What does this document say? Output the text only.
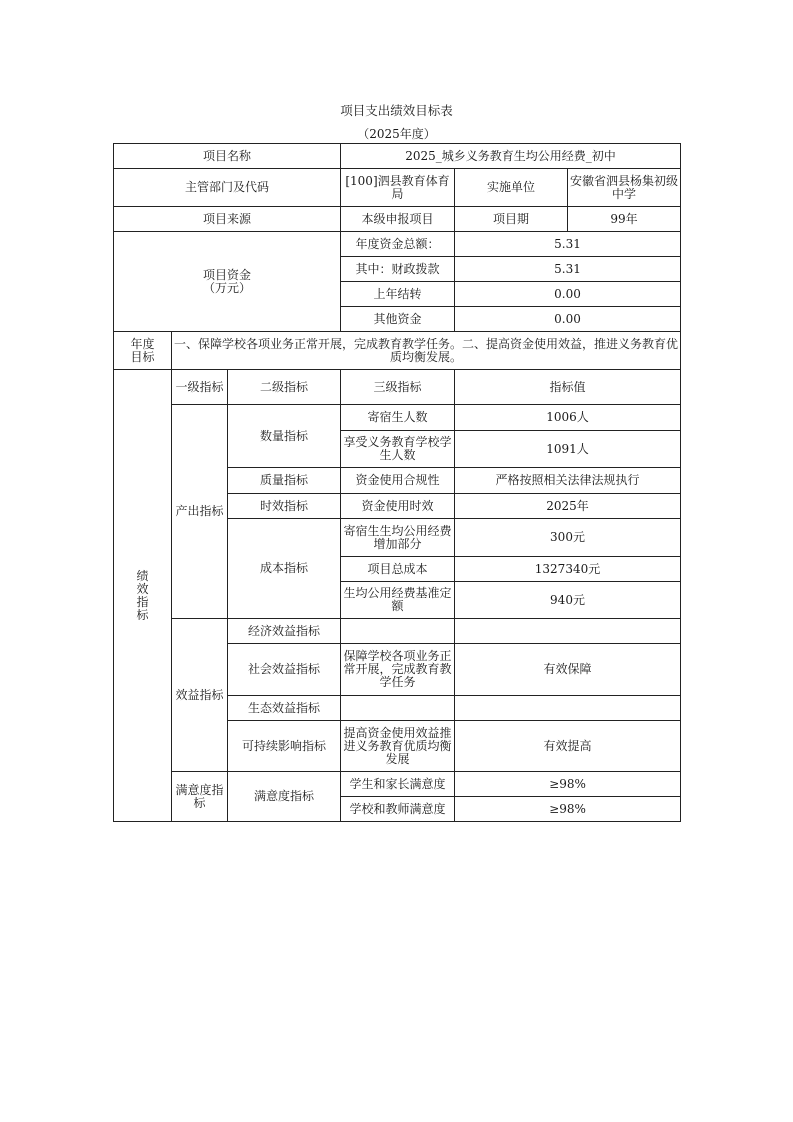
项目支出绩效目标表
（2025年度）
项目名称			2025_城乡义务教育生均公用经费_初中		
主管部门及代码			[100]泗县教育体育局	实施单位	安徽省泗县杨集初级中学
项目来源			本级申报项目	项目期	99年

项目资金
（万元）			年度资金总额：	5.31	
			其中：财政拨款	5.31	
			上年结转	0.00	
			其他资金	0.00	

年度
目标	一、保障学校各项业务正常开展，完成教育教学任务。二、提高资金使用效益，推进义务教育优质均衡发展。				

绩
效
指
标	一级指标	二级指标	三级指标	指标值	
	产出指标	数量指标	寄宿生人数	1006人	
			享受义务教育学校学生人数	1091人	
		质量指标	资金使用合规性	严格按照相关法律法规执行	
		时效指标	资金使用时效	2025年	
		成本指标	寄宿生生均公用经费增加部分	300元	
			项目总成本	1327340元	
			生均公用经费基准定额	940元	
	效益指标	经济效益指标			
		社会效益指标	保障学校各项业务正常开展，完成教育教学任务	有效保障	
		生态效益指标			
		可持续影响指标	提高资金使用效益推进义务教育优质均衡发展	有效提高	
	满意度指标	满意度指标	学生和家长满意度	≥98%	
			学校和教师满意度	≥98%	
